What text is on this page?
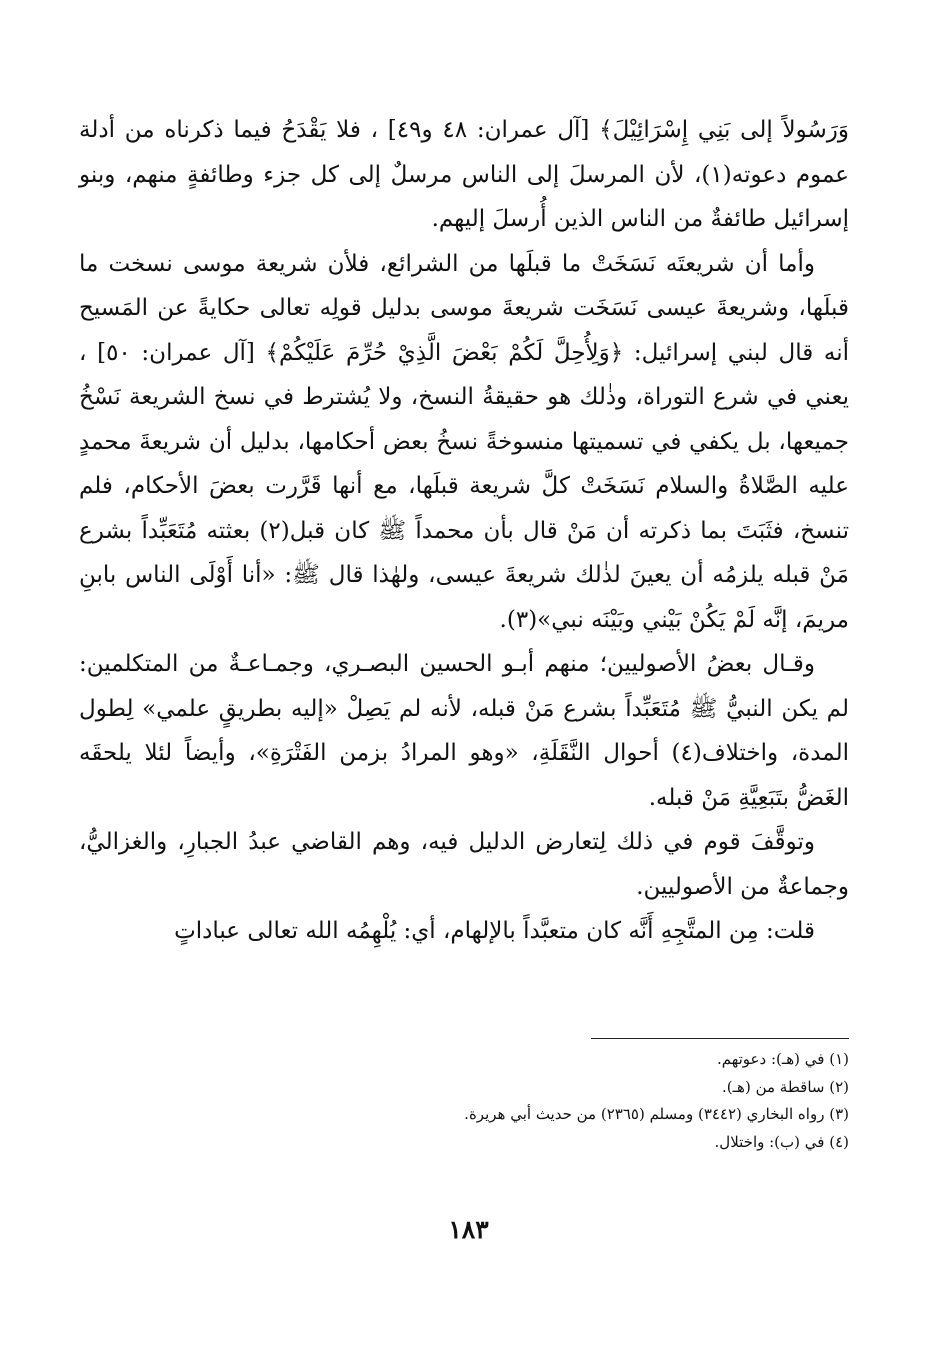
وَرَسُولاً إلى بَنِي إِسْرَائِيْلَ﴾ [آل عمران: ٤٨ و٤٩] ، فلا يَقْدَحُ فيما ذكرناه من أدلة عموم دعوته(١)، لأن المرسلَ إلى الناس مرسلٌ إلى كل جزء وطائفةٍ منهم، وبنو إسرائيل طائفةٌ من الناس الذين أُرسلَ إليهم.

وأما أن شريعتَه نَسَخَتْ ما قبلَها من الشرائع، فلأن شريعة موسى نسخت ما قبلَها، وشريعةَ عيسى نَسَخَت شريعةَ موسى بدليل قولِه تعالى حكايةً عن المَسيح أنه قال لبني إسرائيل: ﴿وَلِأُحِلَّ لَكُمْ بَعْضَ الَّذِيْ حُرِّمَ عَلَيْكُمْ﴾ [آل عمران: ٥٠] ، يعني في شرع التوراة، وذٰلك هو حقيقةُ النسخ، ولا يُشترط في نسخ الشريعة نَسْخُ جميعها، بل يكفي في تسميتها منسوخةً نسخُ بعض أحكامها، بدليل أن شريعةَ محمدٍ عليه الصَّلاةُ والسلام نَسَخَتْ كلَّ شريعة قبلَها، مع أنها قَرَّرت بعضَ الأحكام، فلم تنسخ، فثَبَتَ بما ذكرته أن مَنْ قال بأن محمداً ﷺ كان قبل(٢) بعثته مُتَعَبِّداً بشرع مَنْ قبله يلزمُه أن يعينَ لذٰلك شريعةَ عيسى، ولهٰذا قال ﷺ: «أنا أَوْلَى الناس بابنِ مريمَ، إنَّه لَمْ يَكُنْ بَيْني وبَيْنَه نبي»(٣).

وقـال بعضُ الأصوليين؛ منهم أبـو الحسين البصـري، وجمـاعـةٌ من المتكلمين: لم يكن النبيُّ ﷺ مُتَعَبِّداً بشرع مَنْ قبله، لأنه لم يَصِلْ «إليه بطريقٍ علمي» لِطول المدة، واختلاف(٤) أحوال النَّقَلَةِ، «وهو المرادُ بزمن الفَتْرَةِ»، وأيضاً لئلا يلحقَه الغَضُّ بتَبَعِيَّةِ مَنْ قبله.

وتوقَّفَ قوم في ذلك لِتعارض الدليل فيه، وهم القاضي عبدُ الجبارِ، والغزاليُّ، وجماعةٌ من الأصوليين.

قلت: مِن المتَّجِهِ أَنَّه كان متعبَّداً بالإلهام، أي: يُلْهِمُه الله تعالى عباداتٍ

(١) في (هـ): دعوتهم.
(٢) ساقطة من (هـ).
(٣) رواه البخاري (٣٤٤٢) ومسلم (٢٣٦٥) من حديث أبي هريرة.
(٤) في (ب): واختلال.
١٨٣
